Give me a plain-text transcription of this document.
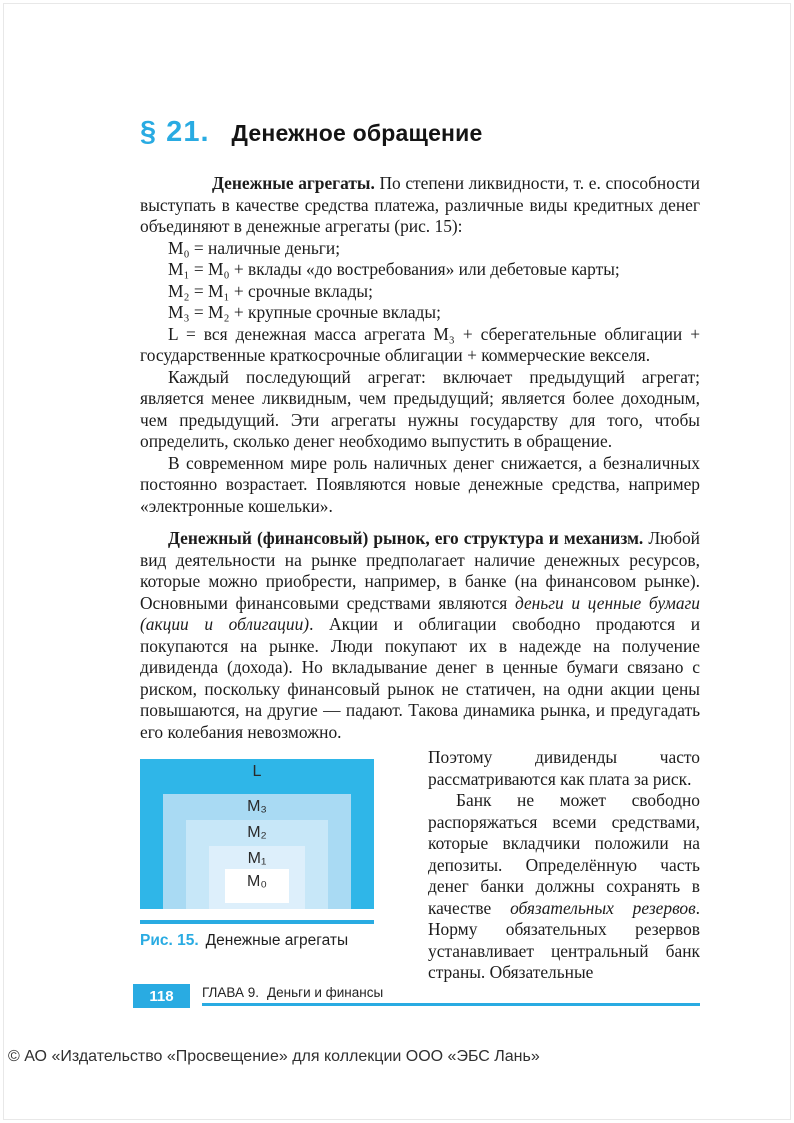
§ 21. Денежное обращение

Денежные агрегаты. По степени ликвидности, т. е. способности выступать в качестве средства платежа, различные виды кредитных денег объединяют в денежные агрегаты (рис. 15):

M₀ = наличные деньги;

M₁ = M₀ + вклады «до востребования» или дебетовые карты;

M₂ = M₁ + срочные вклады;

M₃ = M₂ + крупные срочные вклады;

L = вся денежная масса агрегата M₃ + сберегательные облигации + государственные краткосрочные облигации + коммерческие векселя.

Каждый последующий агрегат: включает предыдущий агрегат; является менее ликвидным, чем предыдущий; является более доходным, чем предыдущий. Эти агрегаты нужны государству для того, чтобы определить, сколько денег необходимо выпустить в обращение.

В современном мире роль наличных денег снижается, а безналичных постоянно возрастает. Появляются новые денежные средства, например «электронные кошельки».

Денежный (финансовый) рынок, его структура и механизм. Любой вид деятельности на рынке предполагает наличие денежных ресурсов, которые можно приобрести, например, в банке (на финансовом рынке). Основными финансовыми средствами являются деньги и ценные бумаги (акции и облигации). Акции и облигации свободно продаются и покупаются на рынке. Люди покупают их в надежде на получение дивиденда (дохода). Но вкладывание денег в ценные бумаги связано с риском, поскольку финансовый рынок не статичен, на одни акции цены повышаются, на другие — падают. Такова динамика рынка, и предугадать его колебания невозможно.

L
M₃
M₂
M₁
M₀
Рис. 15. Денежные агрегаты

Поэтому дивиденды часто рассматриваются как плата за риск.

Банк не может свободно распоряжаться всеми средствами, которые вкладчики положили на депозиты. Определённую часть денег банки должны сохранять в качестве обязательных резервов. Норму обязательных резервов устанавливает центральный банк страны. Обязательные

118	ГЛАВА 9. Деньги и финансы
© АО «Издательство «Просвещение» для коллекции ООО «ЭБС Лань»
